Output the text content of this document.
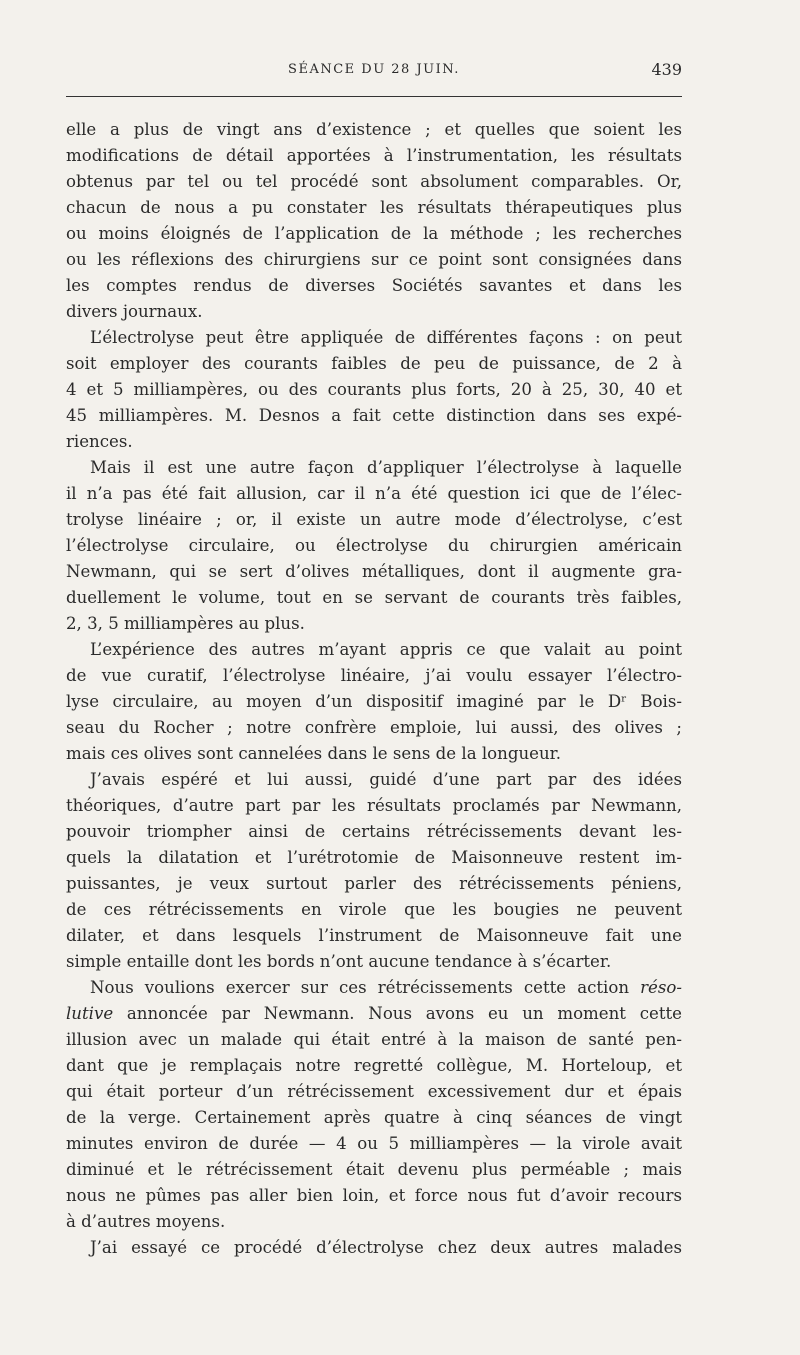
SÉANCE DU 28 JUIN.	439
elle a plus de vingt ans d’existence ; et quelles que soient les
modifications de détail apportées à l’instrumentation, les résultats
obtenus par tel ou tel procédé sont absolument comparables. Or,
chacun de nous a pu constater les résultats thérapeutiques plus
ou moins éloignés de l’application de la méthode ; les recherches
ou les réflexions des chirurgiens sur ce point sont consignées dans
les comptes rendus de diverses Sociétés savantes et dans les
divers journaux.
L’électrolyse peut être appliquée de différentes façons : on peut
soit employer des courants faibles de peu de puissance, de 2 à
4 et 5 milliampères, ou des courants plus forts, 20 à 25, 30, 40 et
45 milliampères. M. Desnos a fait cette distinction dans ses expé-
riences.
Mais il est une autre façon d’appliquer l’électrolyse à laquelle
il n’a pas été fait allusion, car il n’a été question ici que de l’élec-
trolyse linéaire ; or, il existe un autre mode d’électrolyse, c’est
l’électrolyse circulaire, ou électrolyse du chirurgien américain
Newmann, qui se sert d’olives métalliques, dont il augmente gra-
duellement le volume, tout en se servant de courants très faibles,
2, 3, 5 milliampères au plus.
L’expérience des autres m’ayant appris ce que valait au point
de vue curatif, l’électrolyse linéaire, j’ai voulu essayer l’électro-
lyse circulaire, au moyen d’un dispositif imaginé par le Dʳ Bois-
seau du Rocher ; notre confrère emploie, lui aussi, des olives ;
mais ces olives sont cannelées dans le sens de la longueur.
J’avais espéré et lui aussi, guidé d’une part par des idées
théoriques, d’autre part par les résultats proclamés par Newmann,
pouvoir triompher ainsi de certains rétrécissements devant les-
quels la dilatation et l’urétrotomie de Maisonneuve restent im-
puissantes, je veux surtout parler des rétrécissements péniens,
de ces rétrécissements en virole que les bougies ne peuvent
dilater, et dans lesquels l’instrument de Maisonneuve fait une
simple entaille dont les bords n’ont aucune tendance à s’écarter.
Nous voulions exercer sur ces rétrécissements cette action réso-
lutive annoncée par Newmann. Nous avons eu un moment cette
illusion avec un malade qui était entré à la maison de santé pen-
dant que je remplaçais notre regretté collègue, M. Horteloup, et
qui était porteur d’un rétrécissement excessivement dur et épais
de la verge. Certainement après quatre à cinq séances de vingt
minutes environ de durée — 4 ou 5 milliampères — la virole avait
diminué et le rétrécissement était devenu plus perméable ; mais
nous ne pûmes pas aller bien loin, et force nous fut d’avoir recours
à d’autres moyens.
J’ai essayé ce procédé d’électrolyse chez deux autres malades
